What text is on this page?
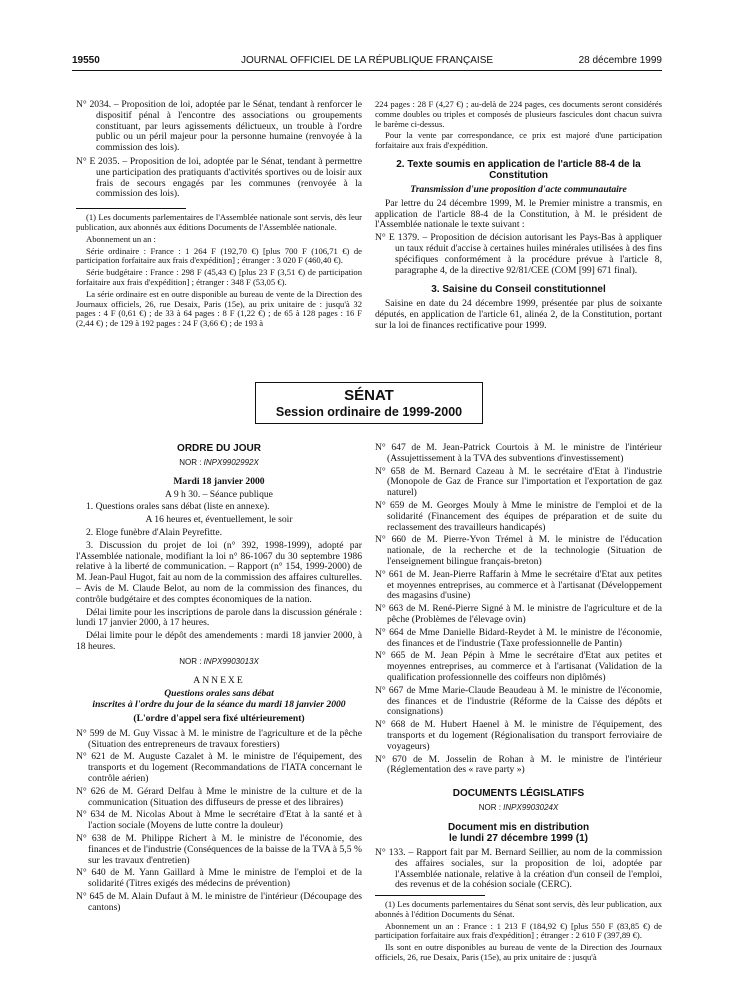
19550	JOURNAL OFFICIEL DE LA RÉPUBLIQUE FRANÇAISE	28 décembre 1999

N° 2034. – Proposition de loi, adoptée par le Sénat, tendant à renforcer le dispositif pénal à l'encontre des associations ou groupements constituant, par leurs agissements délictueux, un trouble à l'ordre public ou un péril majeur pour la personne humaine (renvoyée à la commission des lois).

N° E 2035. – Proposition de loi, adoptée par le Sénat, tendant à permettre une participation des pratiquants d'activités sportives ou de loisir aux frais de secours engagés par les communes (renvoyée à la commission des lois).

(1) Les documents parlementaires de l'Assemblée nationale sont servis, dès leur publication, aux abonnés aux éditions Documents de l'Assemblée nationale.

Abonnement un an :

Série ordinaire : France : 1 264 F (192,70 €) [plus 700 F (106,71 €) de participation forfaitaire aux frais d'expédition] ; étranger : 3 020 F (460,40 €).

Série budgétaire : France : 298 F (45,43 €) [plus 23 F (3,51 €) de participation forfaitaire aux frais d'expédition] ; étranger : 348 F (53,05 €).

La série ordinaire est en outre disponible au bureau de vente de la Direction des Journaux officiels, 26, rue Desaix, Paris (15e), au prix unitaire de : jusqu'à 32 pages : 4 F (0,61 €) ; de 33 à 64 pages : 8 F (1,22 €) ; de 65 à 128 pages : 16 F (2,44 €) ; de 129 à 192 pages : 24 F (3,66 €) ; de 193 à

224 pages : 28 F (4,27 €) ; au-delà de 224 pages, ces documents seront considérés comme doubles ou triples et composés de plusieurs fascicules dont chacun suivra le barème ci-dessus.

Pour la vente par correspondance, ce prix est majoré d'une participation forfaitaire aux frais d'expédition.

2. Texte soumis en application de l'article 88-4 de la Constitution
Transmission d'une proposition d'acte communautaire

Par lettre du 24 décembre 1999, M. le Premier ministre a transmis, en application de l'article 88-4 de la Constitution, à M. le président de l'Assemblée nationale le texte suivant :

N° E 1379. – Proposition de décision autorisant les Pays-Bas à appliquer un taux réduit d'accise à certaines huiles minérales utilisées à des fins spécifiques conformément à la procédure prévue à l'article 8, paragraphe 4, de la directive 92/81/CEE (COM [99] 671 final).

3. Saisine du Conseil constitutionnel

Saisine en date du 24 décembre 1999, présentée par plus de soixante députés, en application de l'article 61, alinéa 2, de la Constitution, portant sur la loi de finances rectificative pour 1999.

SÉNAT
Session ordinaire de 1999-2000
ORDRE DU JOUR
NOR : INPX9902992X

Mardi 18 janvier 2000

A 9 h 30. – Séance publique

1. Questions orales sans débat (liste en annexe).

A 16 heures et, éventuellement, le soir

2. Eloge funèbre d'Alain Peyrefitte.

3. Discussion du projet de loi (n° 392, 1998-1999), adopté par l'Assemblée nationale, modifiant la loi n° 86-1067 du 30 septembre 1986 relative à la liberté de communication. – Rapport (n° 154, 1999-2000) de M. Jean-Paul Hugot, fait au nom de la commission des affaires culturelles. – Avis de M. Claude Belot, au nom de la commission des finances, du contrôle budgétaire et des comptes économiques de la nation.

Délai limite pour les inscriptions de parole dans la discussion générale : lundi 17 janvier 2000, à 17 heures.

Délai limite pour le dépôt des amendements : mardi 18 janvier 2000, à 18 heures.

NOR : INPX9903013X
ANNEXE
Questions orales sans débat
inscrites à l'ordre du jour de la séance du mardi 18 janvier 2000

(L'ordre d'appel sera fixé ultérieurement)

N° 599 de M. Guy Vissac à M. le ministre de l'agriculture et de la pêche (Situation des entrepreneurs de travaux forestiers)

N° 621 de M. Auguste Cazalet à M. le ministre de l'équipement, des transports et du logement (Recommandations de l'IATA concernant le contrôle aérien)

N° 626 de M. Gérard Delfau à Mme le ministre de la culture et de la communication (Situation des diffuseurs de presse et des libraires)

N° 634 de M. Nicolas About à Mme le secrétaire d'Etat à la santé et à l'action sociale (Moyens de lutte contre la douleur)

N° 638 de M. Philippe Richert à M. le ministre de l'économie, des finances et de l'industrie (Conséquences de la baisse de la TVA à 5,5 % sur les travaux d'entretien)

N° 640 de M. Yann Gaillard à Mme le ministre de l'emploi et de la solidarité (Titres exigés des médecins de prévention)

N° 645 de M. Alain Dufaut à M. le ministre de l'intérieur (Découpage des cantons)

N° 647 de M. Jean-Patrick Courtois à M. le ministre de l'intérieur (Assujettissement à la TVA des subventions d'investissement)

N° 658 de M. Bernard Cazeau à M. le secrétaire d'Etat à l'industrie (Monopole de Gaz de France sur l'importation et l'exportation de gaz naturel)

N° 659 de M. Georges Mouly à Mme le ministre de l'emploi et de la solidarité (Financement des équipes de préparation et de suite du reclassement des travailleurs handicapés)

N° 660 de M. Pierre-Yvon Trémel à M. le ministre de l'éducation nationale, de la recherche et de la technologie (Situation de l'enseignement bilingue français-breton)

N° 661 de M. Jean-Pierre Raffarin à Mme le secrétaire d'Etat aux petites et moyennes entreprises, au commerce et à l'artisanat (Développement des magasins d'usine)

N° 663 de M. René-Pierre Signé à M. le ministre de l'agriculture et de la pêche (Problèmes de l'élevage ovin)

N° 664 de Mme Danielle Bidard-Reydet à M. le ministre de l'économie, des finances et de l'industrie (Taxe professionnelle de Pantin)

N° 665 de M. Jean Pépin à Mme le secrétaire d'Etat aux petites et moyennes entreprises, au commerce et à l'artisanat (Validation de la qualification professionnelle des coiffeurs non diplômés)

N° 667 de Mme Marie-Claude Beaudeau à M. le ministre de l'économie, des finances et de l'industrie (Réforme de la Caisse des dépôts et consignations)

N° 668 de M. Hubert Haenel à M. le ministre de l'équipement, des transports et du logement (Régionalisation du transport ferroviaire de voyageurs)

N° 670 de M. Josselin de Rohan à M. le ministre de l'intérieur (Réglementation des « rave party »)

DOCUMENTS LÉGISLATIFS
NOR : INPX9903024X
Document mis en distribution
le lundi 27 décembre 1999 (1)

N° 133. – Rapport fait par M. Bernard Seillier, au nom de la commission des affaires sociales, sur la proposition de loi, adoptée par l'Assemblée nationale, relative à la création d'un conseil de l'emploi, des revenus et de la cohésion sociale (CERC).

(1) Les documents parlementaires du Sénat sont servis, dès leur publication, aux abonnés à l'édition Documents du Sénat.

Abonnement un an : France : 1 213 F (184,92 €) [plus 550 F (83,85 €) de participation forfaitaire aux frais d'expédition] ; étranger : 2 610 F (397,89 €).

Ils sont en outre disponibles au bureau de vente de la Direction des Journaux officiels, 26, rue Desaix, Paris (15e), au prix unitaire de : jusqu'à
